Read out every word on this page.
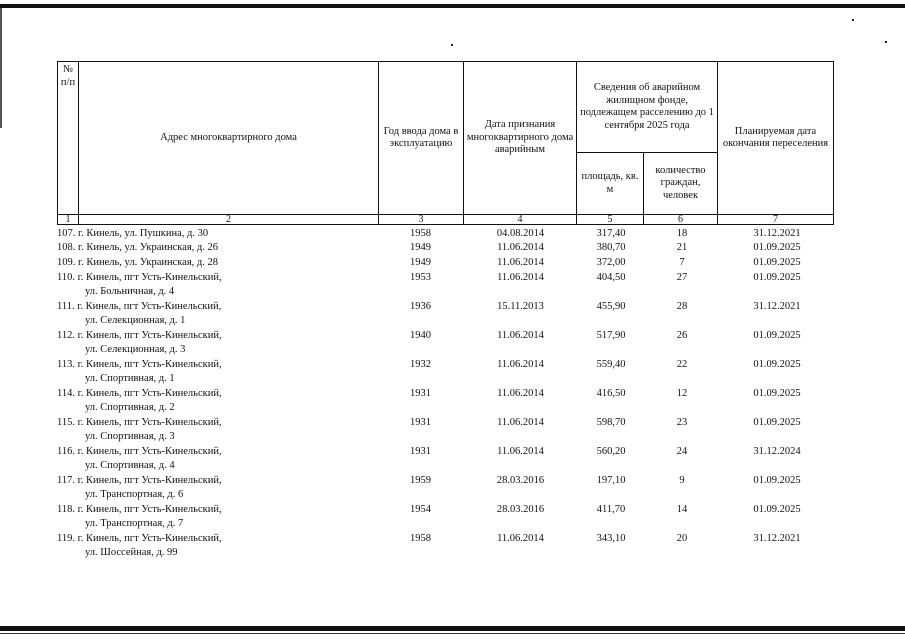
№ п/п	Адрес многоквартирного дома	Год ввода дома в эксплуатацию	Дата признания многоквартирного дома аварийным	Сведения об аварийном жилищном фонде, подлежащем расселению до 1 сентября 2025 года		Планируемая дата окончания переселения
				площадь, кв. м	количество граждан, человек	
1	2	3	4	5	6	7
107. г. Кинель, ул. Пушкина, д. 30	1958	04.08.2014	317,40	18	31.12.2021
108. г. Кинель, ул. Украинская, д. 26	1949	11.06.2014	380,70	21	01.09.2025
109. г. Кинель, ул. Украинская, д. 28	1949	11.06.2014	372,00	7	01.09.2025
110. г. Кинель, пгт Усть-Кинельский,
ул. Больничная, д. 4
1953	11.06.2014	404,50	27	01.09.2025
111. г. Кинель, пгт Усть-Кинельский,
ул. Селекционная, д. 1
1936	15.11.2013	455,90	28	31.12.2021
112. г. Кинель, пгт Усть-Кинельский,
ул. Селекционная, д. 3
1940	11.06.2014	517,90	26	01.09.2025
113. г. Кинель, пгт Усть-Кинельский,
ул. Спортивная, д. 1
1932	11.06.2014	559,40	22	01.09.2025
114. г. Кинель, пгт Усть-Кинельский,
ул. Спортивная, д. 2
1931	11.06.2014	416,50	12	01.09.2025
115. г. Кинель, пгт Усть-Кинельский,
ул. Спортивная, д. 3
1931	11.06.2014	598,70	23	01.09.2025
116. г. Кинель, пгт Усть-Кинельский,
ул. Спортивная, д. 4
1931	11.06.2014	560,20	24	31.12.2024
117. г. Кинель, пгт Усть-Кинельский,
ул. Транспортная, д. 6
1959	28.03.2016	197,10	9	01.09.2025
118. г. Кинель, пгт Усть-Кинельский,
ул. Транспортная, д. 7
1954	28.03.2016	411,70	14	01.09.2025
119. г. Кинель, пгт Усть-Кинельский,
ул. Шоссейная, д. 99
1958	11.06.2014	343,10	20	31.12.2021
